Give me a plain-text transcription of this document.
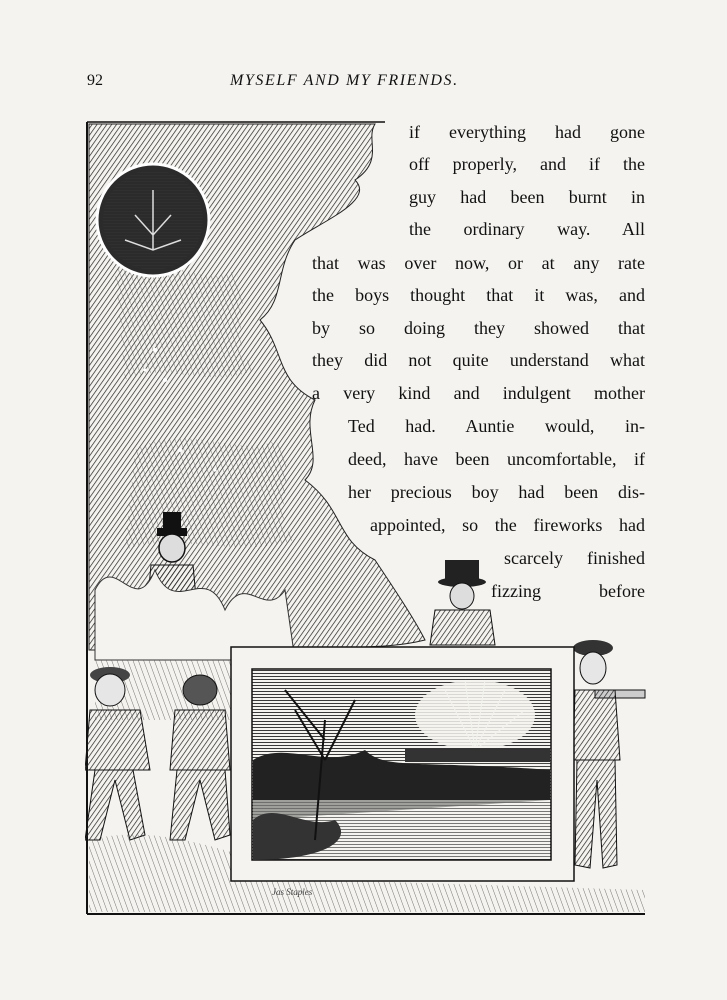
92	MYSELF AND MY FRIENDS.
if everything had gone
off properly, and if the
guy had been burnt in
the ordinary way. All
that was over now, or at any rate
the boys thought that it was, and
by so doing they showed that
they did not quite understand what
a very kind and indulgent mother
Ted had. Auntie would, in-
deed, have been uncomfortable, if
her precious boy had been dis-
appointed, so the fireworks had
scarcely finished
fizzing before
Jas Staples
